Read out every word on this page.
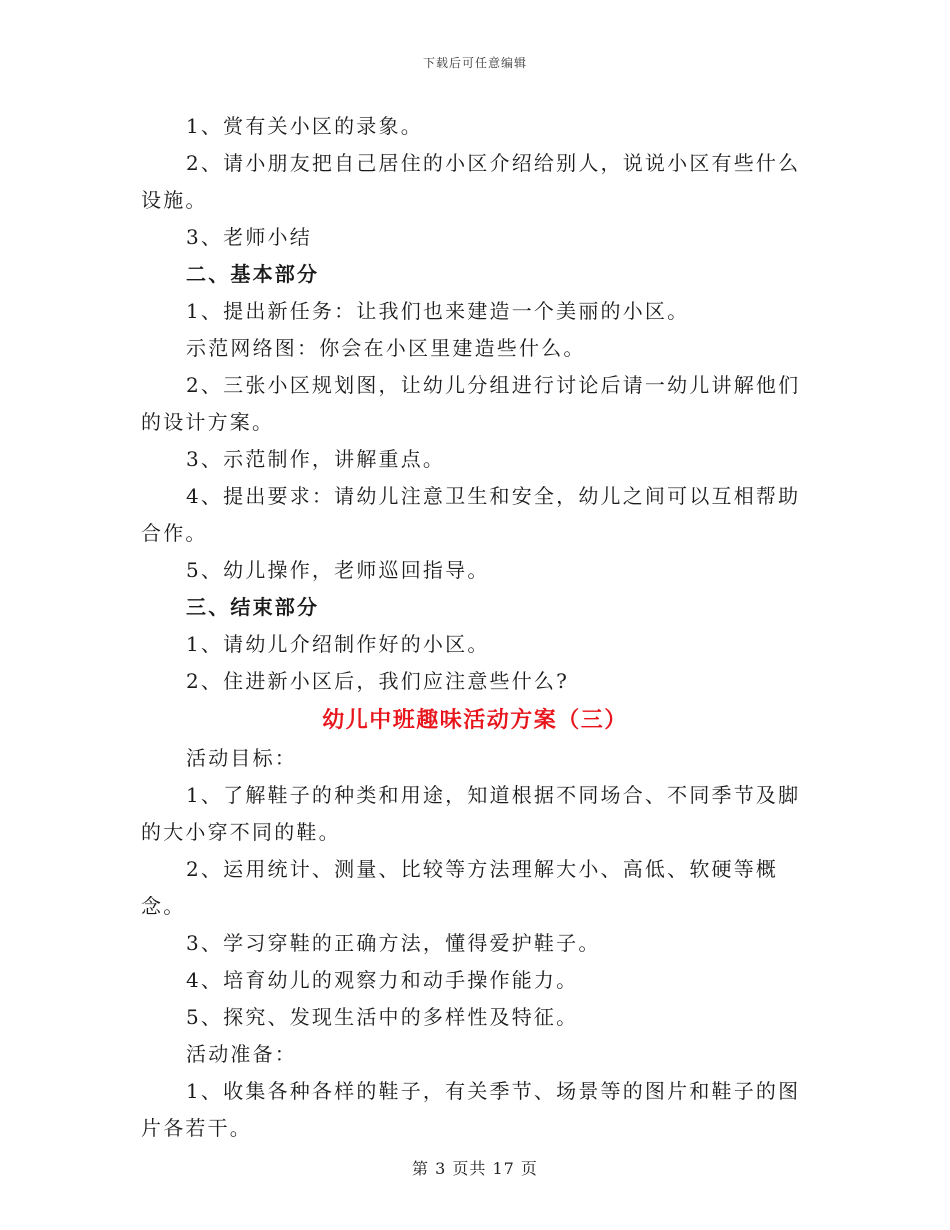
下载后可任意编辑

1、赏有关小区的录象。

2、请小朋友把自己居住的小区介绍给别人，说说小区有些什么设施。

3、老师小结

二、基本部分

1、提出新任务：让我们也来建造一个美丽的小区。

示范网络图：你会在小区里建造些什么。

2、三张小区规划图，让幼儿分组进行讨论后请一幼儿讲解他们的设计方案。

3、示范制作，讲解重点。

4、提出要求：请幼儿注意卫生和安全，幼儿之间可以互相帮助合作。

5、幼儿操作，老师巡回指导。

三、结束部分

1、请幼儿介绍制作好的小区。

2、住进新小区后，我们应注意些什么?

幼儿中班趣味活动方案（三）

活动目标：

1、了解鞋子的种类和用途，知道根据不同场合、不同季节及脚的大小穿不同的鞋。

2、运用统计、测量、比较等方法理解大小、高低、软硬等概念。

3、学习穿鞋的正确方法，懂得爱护鞋子。

4、培育幼儿的观察力和动手操作能力。

5、探究、发现生活中的多样性及特征。

活动准备：

1、收集各种各样的鞋子，有关季节、场景等的图片和鞋子的图片各若干。

第 3 页共 17 页
